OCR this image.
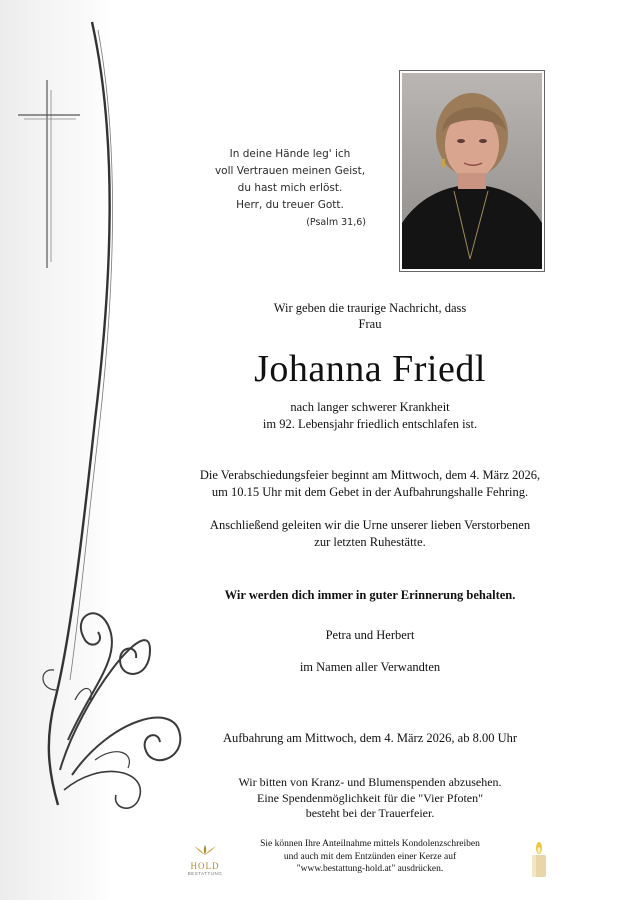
In deine Hände leg' ich
voll Vertrauen meinen Geist,
du hast mich erlöst.
Herr, du treuer Gott.
(Psalm 31,6)
Wir geben die traurige Nachricht, dass
Frau
Johanna Friedl
nach langer schwerer Krankheit
im 92. Lebensjahr friedlich entschlafen ist.
Die Verabschiedungsfeier beginnt am Mittwoch, dem 4. März 2026,
um 10.15 Uhr mit dem Gebet in der Aufbahrungshalle Fehring.
Anschließend geleiten wir die Urne unserer lieben Verstorbenen
zur letzten Ruhestätte.
Wir werden dich immer in guter Erinnerung behalten.
Petra und Herbert
im Namen aller Verwandten
Aufbahrung am Mittwoch, dem 4. März 2026, ab 8.00 Uhr
Wir bitten von Kranz- und Blumenspenden abzusehen.
Eine Spendenmöglichkeit für die "Vier Pfoten"
besteht bei der Trauerfeier.
HOLD
BESTATTUNG
Sie können Ihre Anteilnahme mittels Kondolenzschreiben
und auch mit dem Entzünden einer Kerze auf
"www.bestattung-hold.at" ausdrücken.
